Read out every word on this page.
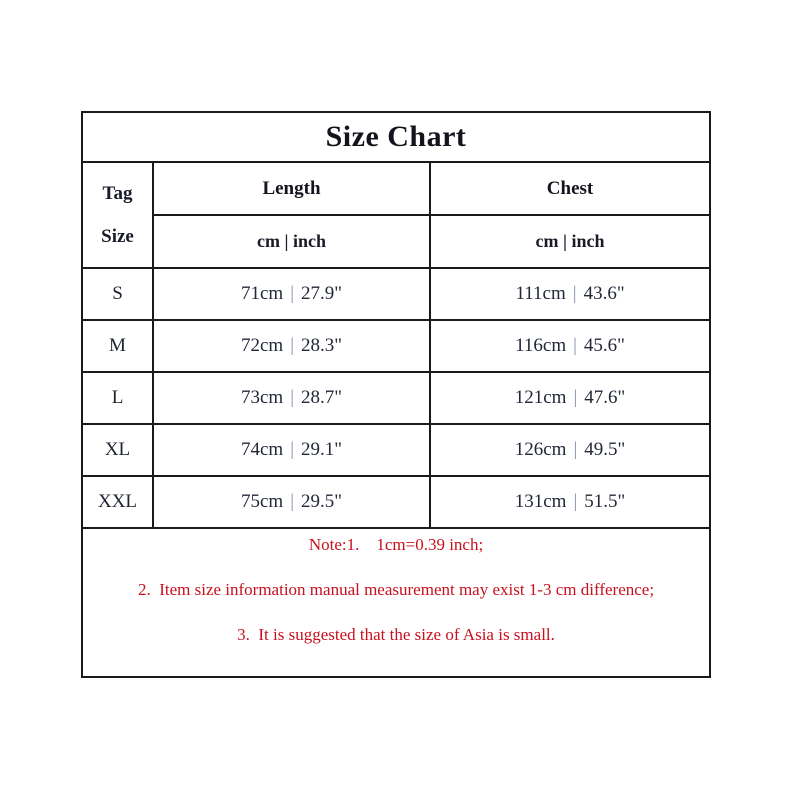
Size Chart		

Tag
Size	Length	Chest
	cm | inch	cm | inch
S	71cm | 27.9"	111cm | 43.6"
M	72cm | 28.3"	116cm | 45.6"
L	73cm | 28.7"	121cm | 47.6"
XL	74cm | 29.1"	126cm | 49.5"
XXL	75cm | 29.5"	131cm | 51.5"

Note:1.    1cm=0.39 inch;

2.  Item size information manual measurement may exist 1-3 cm difference;

3.  It is suggested that the size of Asia is small.		
